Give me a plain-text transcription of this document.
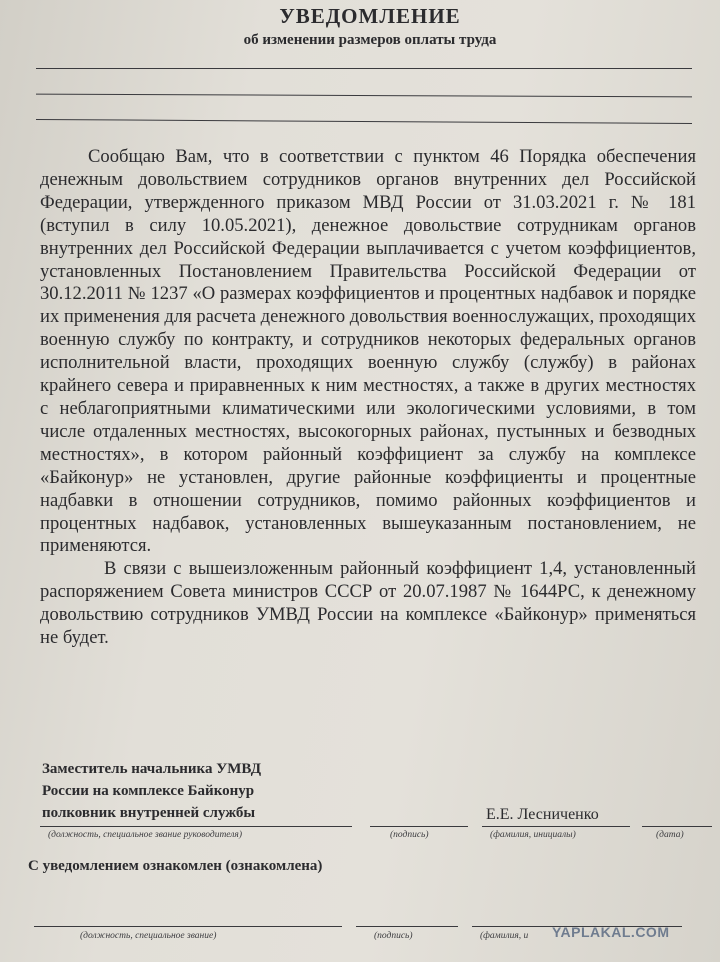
УВЕДОМЛЕНИЕ
об изменении размеров оплаты труда

Сообщаю Вам, что в соответствии с пунктом 46 Порядка обеспечения денежным довольствием сотрудников органов внутренних дел Российской Федерации, утвержденного приказом МВД России от 31.03.2021 г. № 181 (вступил в силу 10.05.2021), денежное довольствие сотрудникам органов внутренних дел Российской Федерации выплачивается с учетом коэффициентов, установленных Постановлением Правительства Российской Федерации от 30.12.2011 № 1237 «О размерах коэффициентов и процентных надбавок и порядке их применения для расчета денежного довольствия военнослужащих, проходящих военную службу по контракту, и сотрудников некоторых федеральных органов исполнительной власти, проходящих военную службу (службу) в районах крайнего севера и приравненных к ним местностях, а также в других местностях с неблагоприятными климатическими или экологическими условиями, в том числе отдаленных местностях, высокогорных районах, пустынных и безводных местностях», в котором районный коэффициент за службу на комплексе «Байконур» не установлен, другие районные коэффициенты и процентные надбавки в отношении сотрудников, помимо районных коэффициентов и процентных надбавок, установленных вышеуказанным постановлением, не применяются.

В связи с вышеизложенным районный коэффициент 1,4, установленный распоряжением Совета министров СССР от 20.07.1987 № 1644РС, к денежному довольствию сотрудников УМВД России на комплексе «Байконур» применяться не будет.

Заместитель начальника УМВД
России на комплексе Байконур
полковник внутренней службы	Е.Е. Лесниченко
(должность, специальное звание руководителя)	(подпись)	(фамилия, инициалы)	(дата)
С уведомлением ознакомлен (ознакомлена)
(должность, специальное звание)	(подпись)	(фамилия, и YAPLAKAL.COM
